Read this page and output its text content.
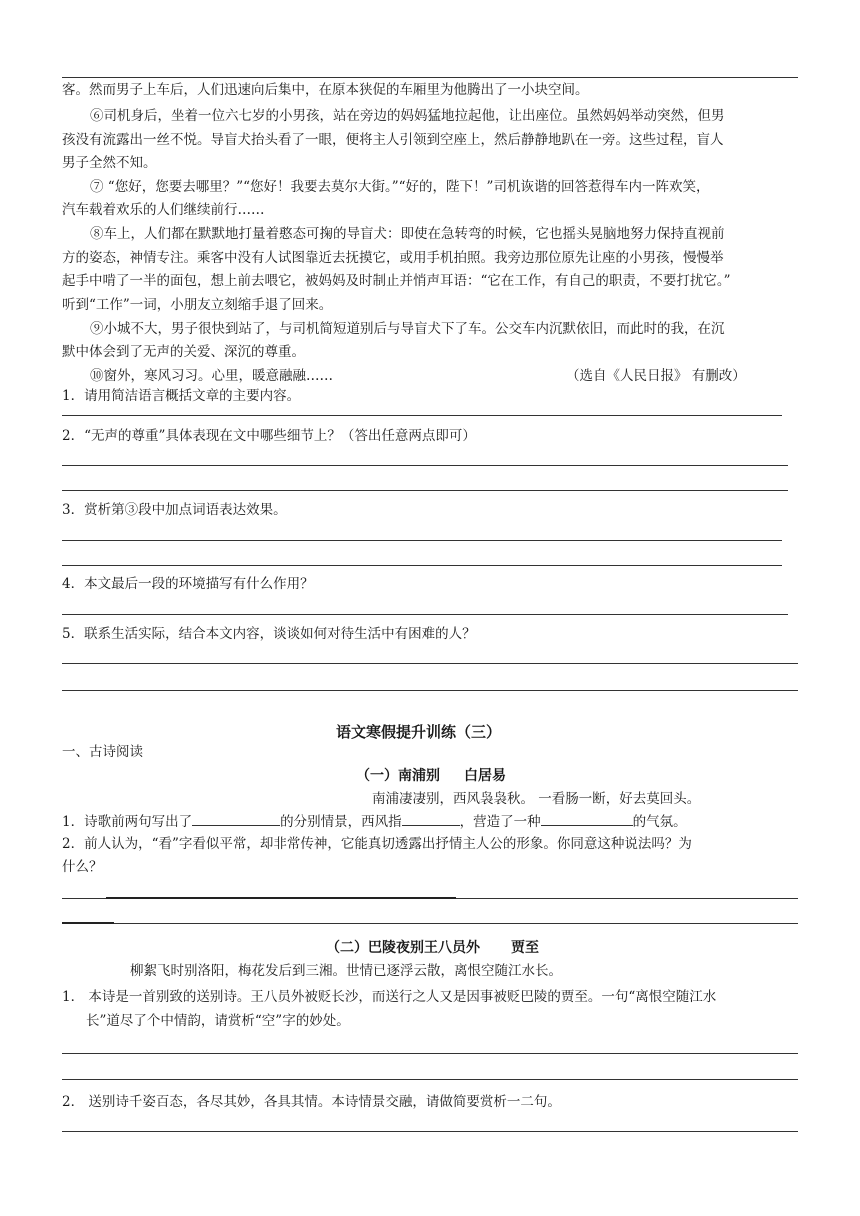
客。然而男子上车后，人们迅速向后集中，在原本狭促的车厢里为他腾出了一小块空间。
⑥司机身后，坐着一位六七岁的小男孩，站在旁边的妈妈猛地拉起他，让出座位。虽然妈妈举动突然，但男
孩没有流露出一丝不悦。导盲犬抬头看了一眼，便将主人引领到空座上，然后静静地趴在一旁。这些过程，盲人
男子全然不知。
⑦ “您好，您要去哪里？”“您好！我要去莫尔大街。”“好的，陛下！”司机诙谐的回答惹得车内一阵欢笑，
汽车载着欢乐的人们继续前行……
⑧车上，人们都在默默地打量着憨态可掬的导盲犬：即使在急转弯的时候，它也摇头晃脑地努力保持直视前
方的姿态，神情专注。乘客中没有人试图靠近去抚摸它，或用手机拍照。我旁边那位原先让座的小男孩，慢慢举
起手中啃了一半的面包，想上前去喂它，被妈妈及时制止并悄声耳语：“它在工作，有自己的职责，不要打扰它。”
听到“工作”一词，小朋友立刻缩手退了回来。
⑨小城不大，男子很快到站了，与司机简短道别后与导盲犬下了车。公交车内沉默依旧，而此时的我，在沉
默中体会到了无声的关爱、深沉的尊重。
⑩窗外，寒风习习。心里，暖意融融……	（选自《人民日报》 有删改）
1．请用简洁语言概括文章的主要内容。
2．“无声的尊重”具体表现在文中哪些细节上？（答出任意两点即可）
3．赏析第③段中加点词语表达效果。
4．本文最后一段的环境描写有什么作用？
5．联系生活实际，结合本文内容，谈谈如何对待生活中有困难的人？
语文寒假提升训练（三）
一、古诗阅读
（一）南浦别 白居易
南浦凄凄别，西风袅袅秋。 一看肠一断，好去莫回头。
1．诗歌前两句写出了	的分别情景，西风指	，营造了一种	的气氛。
2．前人认为，“看”字看似平常，却非常传神，它能真切透露出抒情主人公的形象。你同意这种说法吗？为
什么？
（二）巴陵夜别王八员外 贾至
柳絮飞时别洛阳，梅花发后到三湘。世情已逐浮云散，离恨空随江水长。
1． 本诗是一首别致的送别诗。王八员外被贬长沙，而送行之人又是因事被贬巴陵的贾至。一句“离恨空随江水
长”道尽了个中情韵，请赏析“空”字的妙处。
2． 送别诗千姿百态，各尽其妙，各具其情。本诗情景交融，请做简要赏析一二句。
